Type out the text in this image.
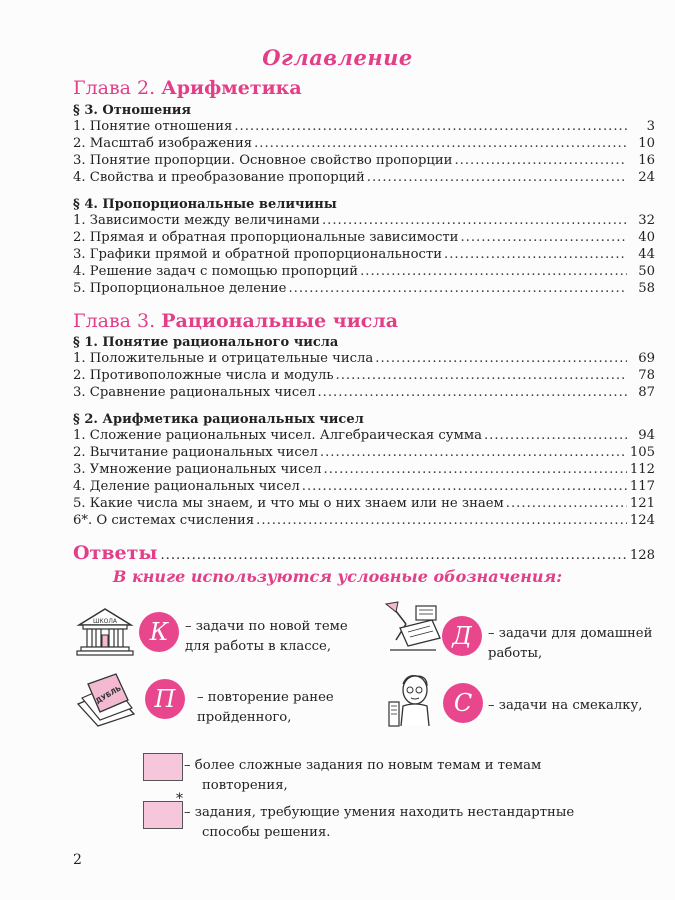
Оглавление
Глава 2. Арифметика
§ 3. Отношения
1. Понятие отношения .....	3
2. Масштаб изображения .....	10
3. Понятие пропорции. Основное свойство пропорции .....	16
4. Свойства и преобразование пропорций .....	24
§ 4. Пропорциональные величины
1. Зависимости между величинами .....	32
2. Прямая и обратная пропорциональные зависимости .....	40
3. Графики прямой и обратной пропорциональности .....	44
4. Решение задач с помощью пропорций .....	50
5. Пропорциональное деление .....	58
Глава 3. Рациональные числа
§ 1. Понятие рационального числа
1. Положительные и отрицательные числа .....	69
2. Противоположные числа и модуль .....	78
3. Сравнение рациональных чисел .....	87
§ 2. Арифметика рациональных чисел
1. Сложение рациональных чисел. Алгебраическая сумма .....	94
2. Вычитание рациональных чисел .....	105
3. Умножение рациональных чисел .....	112
4. Деление рациональных чисел .....	117
5. Какие числа мы знаем, и что мы о них знаем или не знаем .....	121
6*. О системах счисления .....	124
Ответы .....	128
В книге используются условные обозначения:
ШКОЛА	К	– задачи по новой теме
для работы в классе,	Д	– задачи для домашней
работы,
ДУБЛЬ	П	– повторение ранее
пройденного,
С	– задачи на смекалку,
– более сложные задания по новым темам и темам
повторения,
*
– задания, требующие умения находить нестандартные
способы решения.
2
